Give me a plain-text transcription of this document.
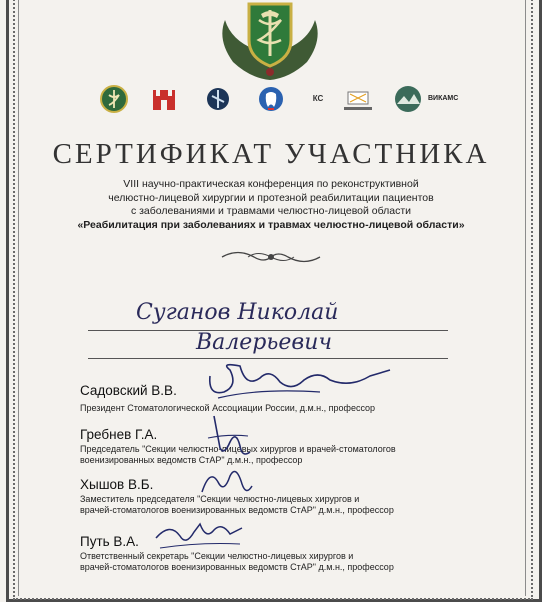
КС	ВИКАМС
СЕРТИФИКАТ УЧАСТНИКА
VIII научно-практическая конференция по реконструктивной
челюстно-лицевой хирургии и протезной реабилитации пациентов
с заболеваниями и травмами челюстно-лицевой области
«Реабилитация при заболеваниях и травмах челюстно-лицевой области»
Суганов Николай
Валерьевич
Садовский В.В.
Президент Стоматологической Ассоциации России, д.м.н., профессор
Гребнев Г.А.
Председатель "Секции челюстно-лицевых хирургов и врачей-стоматологов
военизированных ведомств СтАР" д.м.н., профессор
Хышов В.Б.
Заместитель председателя "Секции челюстно-лицевых хирургов и
врачей-стоматологов военизированных ведомств СтАР" д.м.н., профессор
Путь В.А.
Ответственный секретарь "Секции челюстно-лицевых хирургов и
врачей-стоматологов военизированных ведомств СтАР" д.м.н., профессор
